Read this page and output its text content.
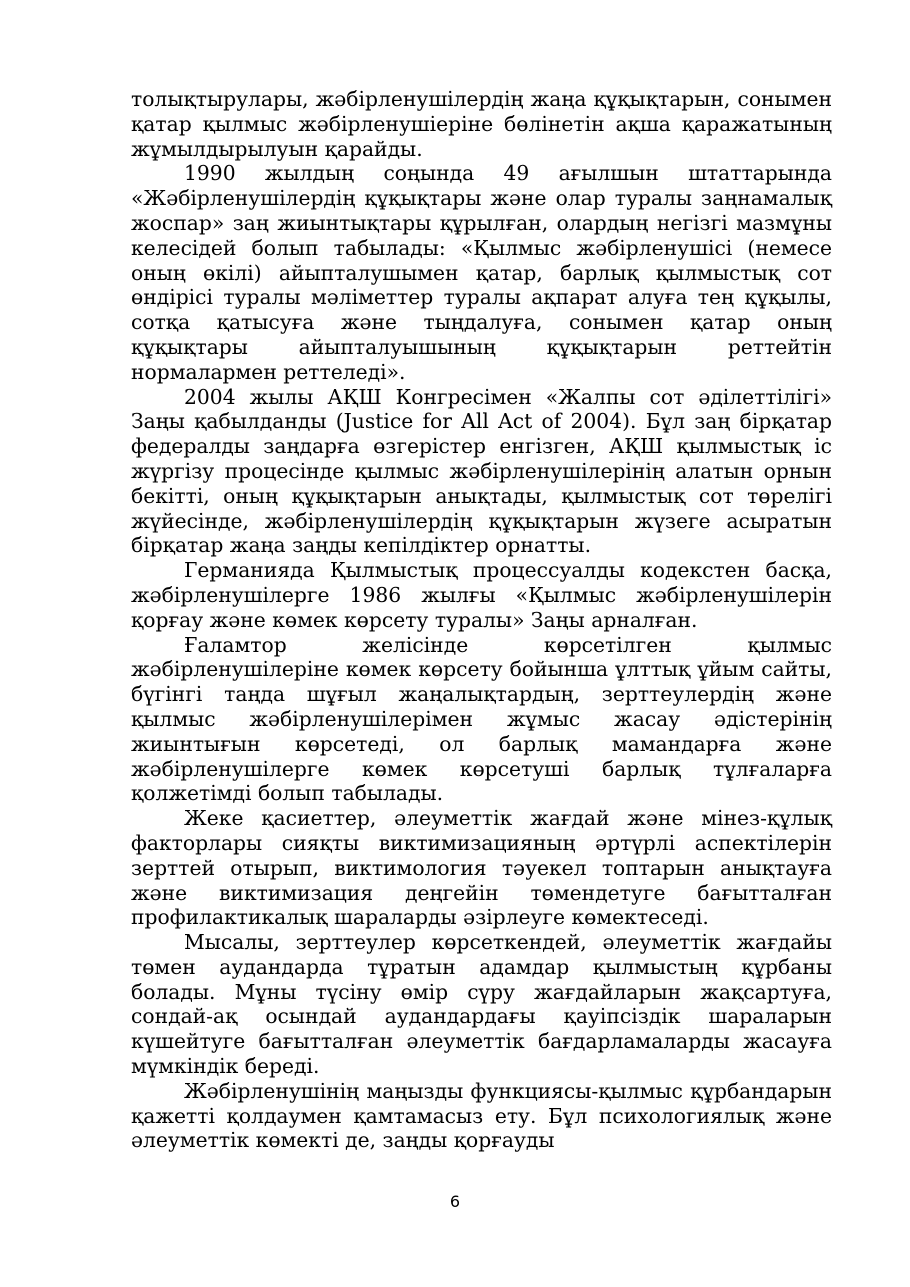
толықтырулары, жәбірленушілердің жаңа құқықтарын, сонымен қатар қылмыс жәбірленушіеріне бөлінетін ақша қаражатының жұмылдырылуын қарайды.

1990 жылдың соңында 49 ағылшын штаттарында «Жәбірленушілердің құқықтары және олар туралы заңнамалық жоспар» заң жиынтықтары құрылған, олардың негізгі мазмұны келесідей болып табылады: «Қылмыс жәбірленушісі (немесе оның өкілі) айыпталушымен қатар, барлық қылмыстық сот өндірісі туралы мәліметтер туралы ақпарат алуға тең құқылы, сотқа қатысуға және тыңдалуға, сонымен қатар оның құқықтары айыпталуышының құқықтарын реттейтін нормалармен реттеледі».

2004 жылы АҚШ Конгресімен «Жалпы сот әділеттілігі» Заңы қабылданды (Justice for All Act of 2004). Бұл заң бірқатар федералды заңдарға өзгерістер енгізген, АҚШ қылмыстық іс жүргізу процесінде қылмыс жәбірленушілерінің алатын орнын бекітті, оның құқықтарын анықтады, қылмыстық сот төрелігі жүйесінде, жәбірленушілердің құқықтарын жүзеге асыратын бірқатар жаңа заңды кепілдіктер орнатты.

Германияда Қылмыстық процессуалды кодекстен басқа, жәбірленушілерге 1986 жылғы «Қылмыс жәбірленушілерін қорғау және көмек көрсету туралы» Заңы арналған.

Ғаламтор желісінде көрсетілген қылмыс жәбірленушілеріне көмек көрсету бойынша ұлттық ұйым сайты, бүгінгі таңда шұғыл жаңалықтардың, зерттеулердің және қылмыс жәбірленушілерімен жұмыс жасау әдістерінің жиынтығын көрсетеді, ол барлық мамандарға және жәбірленушілерге көмек көрсетуші барлық тұлғаларға қолжетімді болып табылады.

Жеке қасиеттер, әлеуметтік жағдай және мінез-құлық факторлары сияқты виктимизацияның әртүрлі аспектілерін зерттей отырып, виктимология тәуекел топтарын анықтауға және виктимизация деңгейін төмендетуге бағытталған профилактикалық шараларды әзірлеуге көмектеседі.

Мысалы, зерттеулер көрсеткендей, әлеуметтік жағдайы төмен аудандарда тұратын адамдар қылмыстың құрбаны болады. Мұны түсіну өмір сүру жағдайларын жақсартуға, сондай-ақ осындай аудандардағы қауіпсіздік шараларын күшейтуге бағытталған әлеуметтік бағдарламаларды жасауға мүмкіндік береді.

Жәбірленушінің маңызды функциясы-қылмыс құрбандарын қажетті қолдаумен қамтамасыз ету. Бұл психологиялық және әлеуметтік көмекті де, заңды қорғауды

6
